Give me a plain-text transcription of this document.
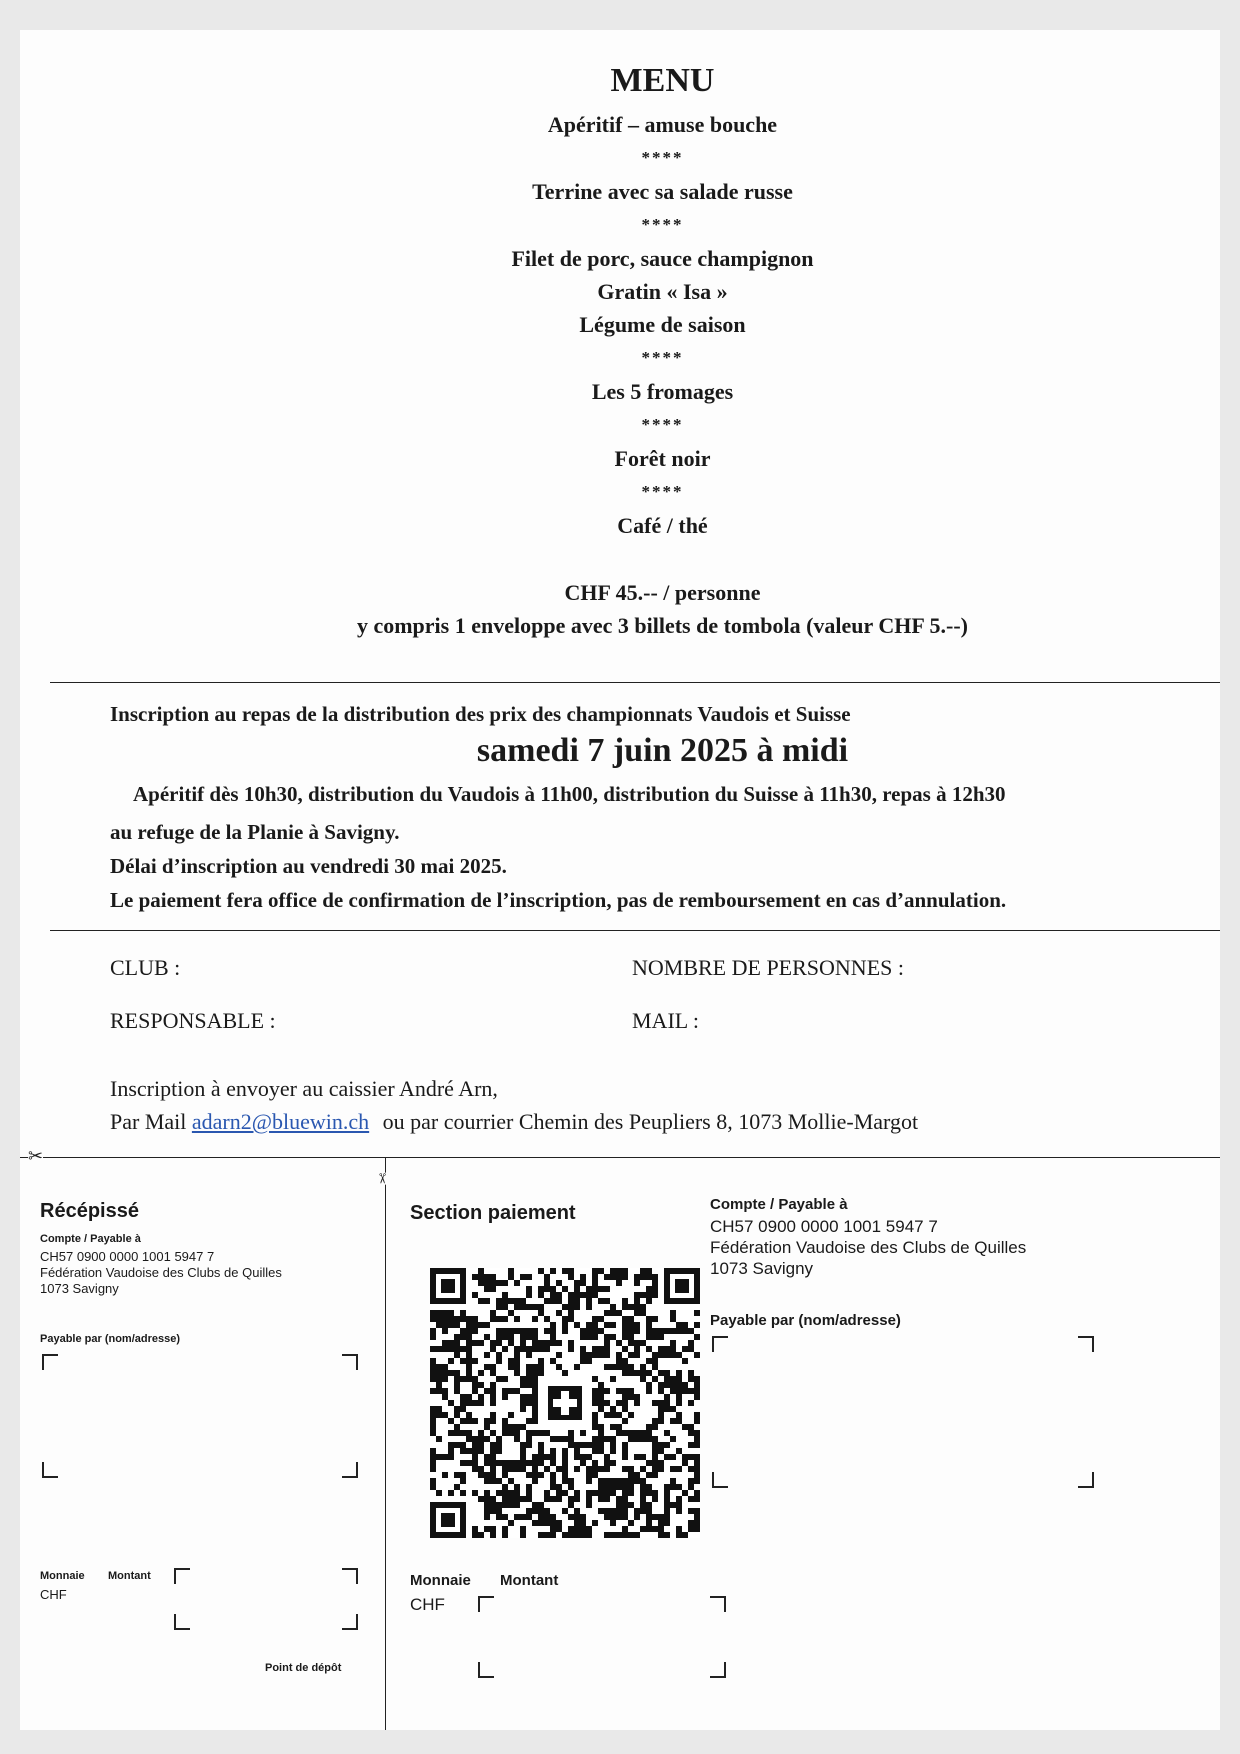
MENU
Apéritif – amuse bouche
****
Terrine avec sa salade russe
****
Filet de porc, sauce champignon
Gratin « Isa »
Légume de saison
****
Les 5 fromages
****
Forêt noir
****
Café / thé
CHF 45.-- / personne
y compris 1 enveloppe avec 3 billets de tombola (valeur CHF 5.--)
Inscription au repas de la distribution des prix des championnats Vaudois et Suisse
samedi 7 juin 2025 à midi
Apéritif dès 10h30, distribution du Vaudois à 11h00, distribution du Suisse à 11h30, repas à 12h30
au refuge de la Planie à Savigny.
Délai d’inscription au vendredi 30 mai 2025.
Le paiement fera office de confirmation de l’inscription, pas de remboursement en cas d’annulation.
CLUB :	NOMBRE DE PERSONNES :
RESPONSABLE :	MAIL :
Inscription à envoyer au caissier André Arn,
Par Mail adarn2@bluewin.ch ou par courrier Chemin des Peupliers 8, 1073 Mollie-Margot
✂
✂
Récépissé
Compte / Payable à
CH57 0900 0000 1001 5947 7
Fédération Vaudoise des Clubs de Quilles
1073 Savigny
Payable par (nom/adresse)
Monnaie Montant
CHF
Point de dépôt
Section paiement
Monnaie Montant
CHF
Compte / Payable à
CH57 0900 0000 1001 5947 7
Fédération Vaudoise des Clubs de Quilles
1073 Savigny
Payable par (nom/adresse)
